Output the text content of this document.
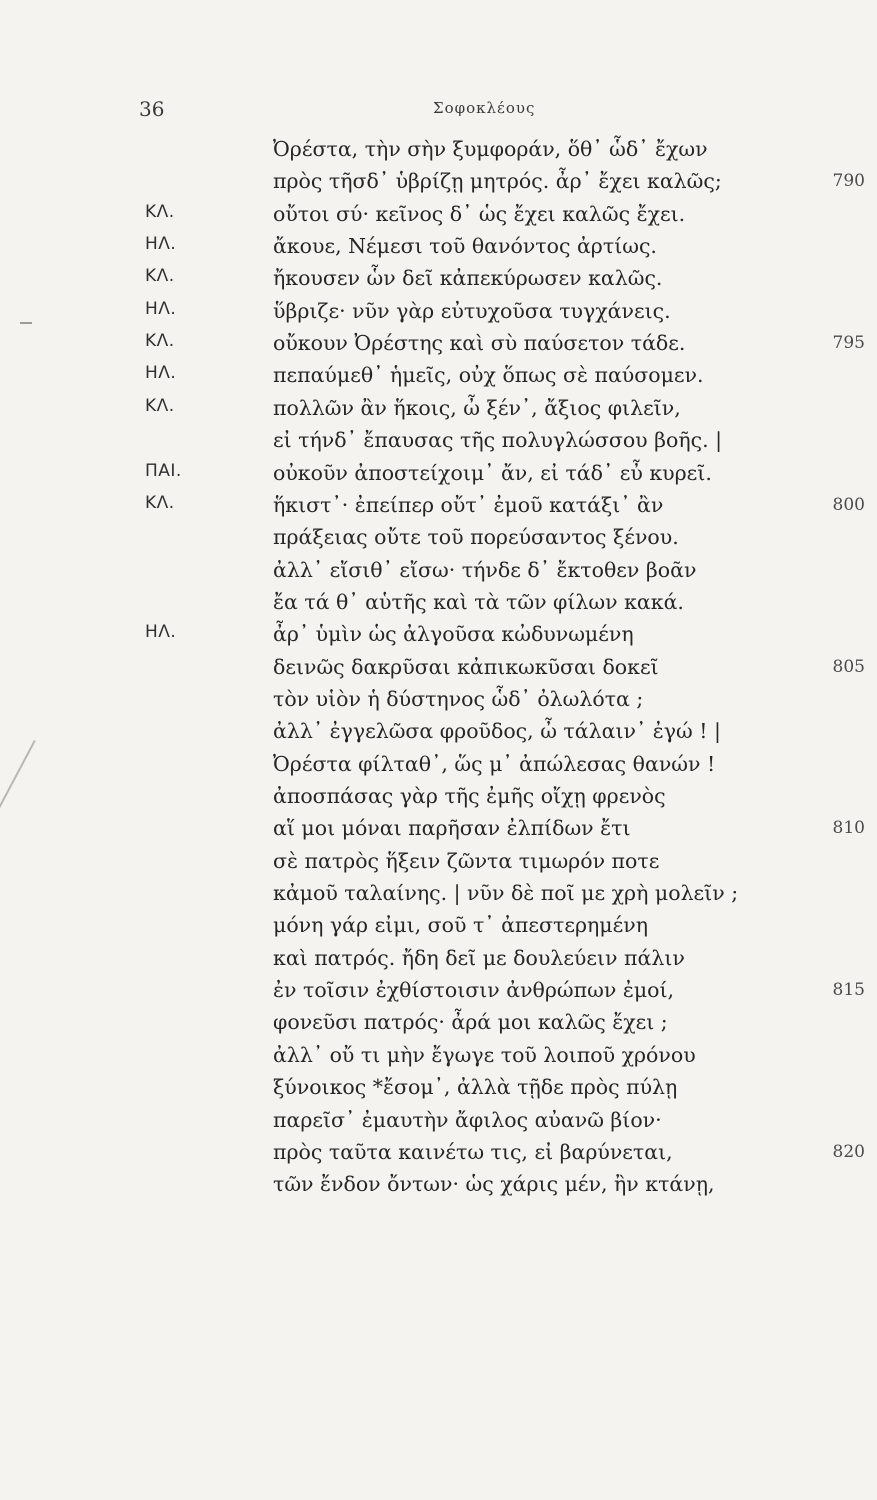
36	Σοφοκλέους
Ὀρέστα, τὴν σὴν ξυμφοράν, ὅθ᾽ ὧδ᾽ ἔχων
πρὸς τῆσδ᾽ ὑβρίζῃ μητρός. ἆρ᾽ ἔχει καλῶς;	790
ΚΛ.	οὔτοι σύ· κεῖνος δ᾽ ὡς ἔχει καλῶς ἔχει.
ΗΛ.	ἄκουε, Νέμεσι τοῦ θανόντος ἀρτίως.
ΚΛ.	ἤκουσεν ὧν δεῖ κἀπεκύρωσεν καλῶς.
ΗΛ.	ὕβριζε· νῦν γὰρ εὐτυχοῦσα τυγχάνεις.
ΚΛ.	οὔκουν Ὀρέστης καὶ σὺ παύσετον τάδε.	795
ΗΛ.	πεπαύμεθ᾽ ἡμεῖς, οὐχ ὅπως σὲ παύσομεν.
ΚΛ.	πολλῶν ἂν ἥκοις, ὦ ξέν᾽, ἄξιος φιλεῖν,
εἰ τήνδ᾽ ἔπαυσας τῆς πολυγλώσσου βοῆς. |
ΠΑΙ.	οὐκοῦν ἀποστείχοιμ᾽ ἄν, εἰ τάδ᾽ εὖ κυρεῖ.
ΚΛ.	ἥκιστ᾽· ἐπείπερ οὔτ᾽ ἐμοῦ κατάξι᾽ ἂν	800
πράξειας οὔτε τοῦ πορεύσαντος ξένου.
ἀλλ᾽ εἴσιθ᾽ εἴσω· τήνδε δ᾽ ἔκτοθεν βοᾶν
ἔα τά θ᾽ αὑτῆς καὶ τὰ τῶν φίλων κακά.
ΗΛ.	ἆρ᾽ ὑμὶν ὡς ἀλγοῦσα κὠδυνωμένη
δεινῶς δακρῦσαι κἀπικωκῦσαι δοκεῖ	805
τὸν υἱὸν ἡ δύστηνος ὧδ᾽ ὀλωλότα ;
ἀλλ᾽ ἐγγελῶσα φροῦδος, ὦ τάλαιν᾽ ἐγώ ! |
Ὀρέστα φίλταθ᾽, ὥς μ᾽ ἀπώλεσας θανών !
ἀποσπάσας γὰρ τῆς ἐμῆς οἴχῃ φρενὸς
αἵ μοι μόναι παρῆσαν ἐλπίδων ἔτι	810
σὲ πατρὸς ἥξειν ζῶντα τιμωρόν ποτε
κἀμοῦ ταλαίνης. | νῦν δὲ ποῖ με χρὴ μολεῖν ;
μόνη γάρ εἰμι, σοῦ τ᾽ ἀπεστερημένη
καὶ πατρός. ἤδη δεῖ με δουλεύειν πάλιν
ἐν τοῖσιν ἐχθίστοισιν ἀνθρώπων ἐμοί,	815
φονεῦσι πατρός· ἆρά μοι καλῶς ἔχει ;
ἀλλ᾽ οὔ τι μὴν ἔγωγε τοῦ λοιποῦ χρόνου
ξύνοικος *ἔσομ᾽, ἀλλὰ τῇδε πρὸς πύλῃ
παρεῖσ᾽ ἐμαυτὴν ἄφιλος αὐανῶ βίον·
πρὸς ταῦτα καινέτω τις, εἰ βαρύνεται,	820
τῶν ἔνδον ὄντων· ὡς χάρις μέν, ἢν κτάνῃ,
